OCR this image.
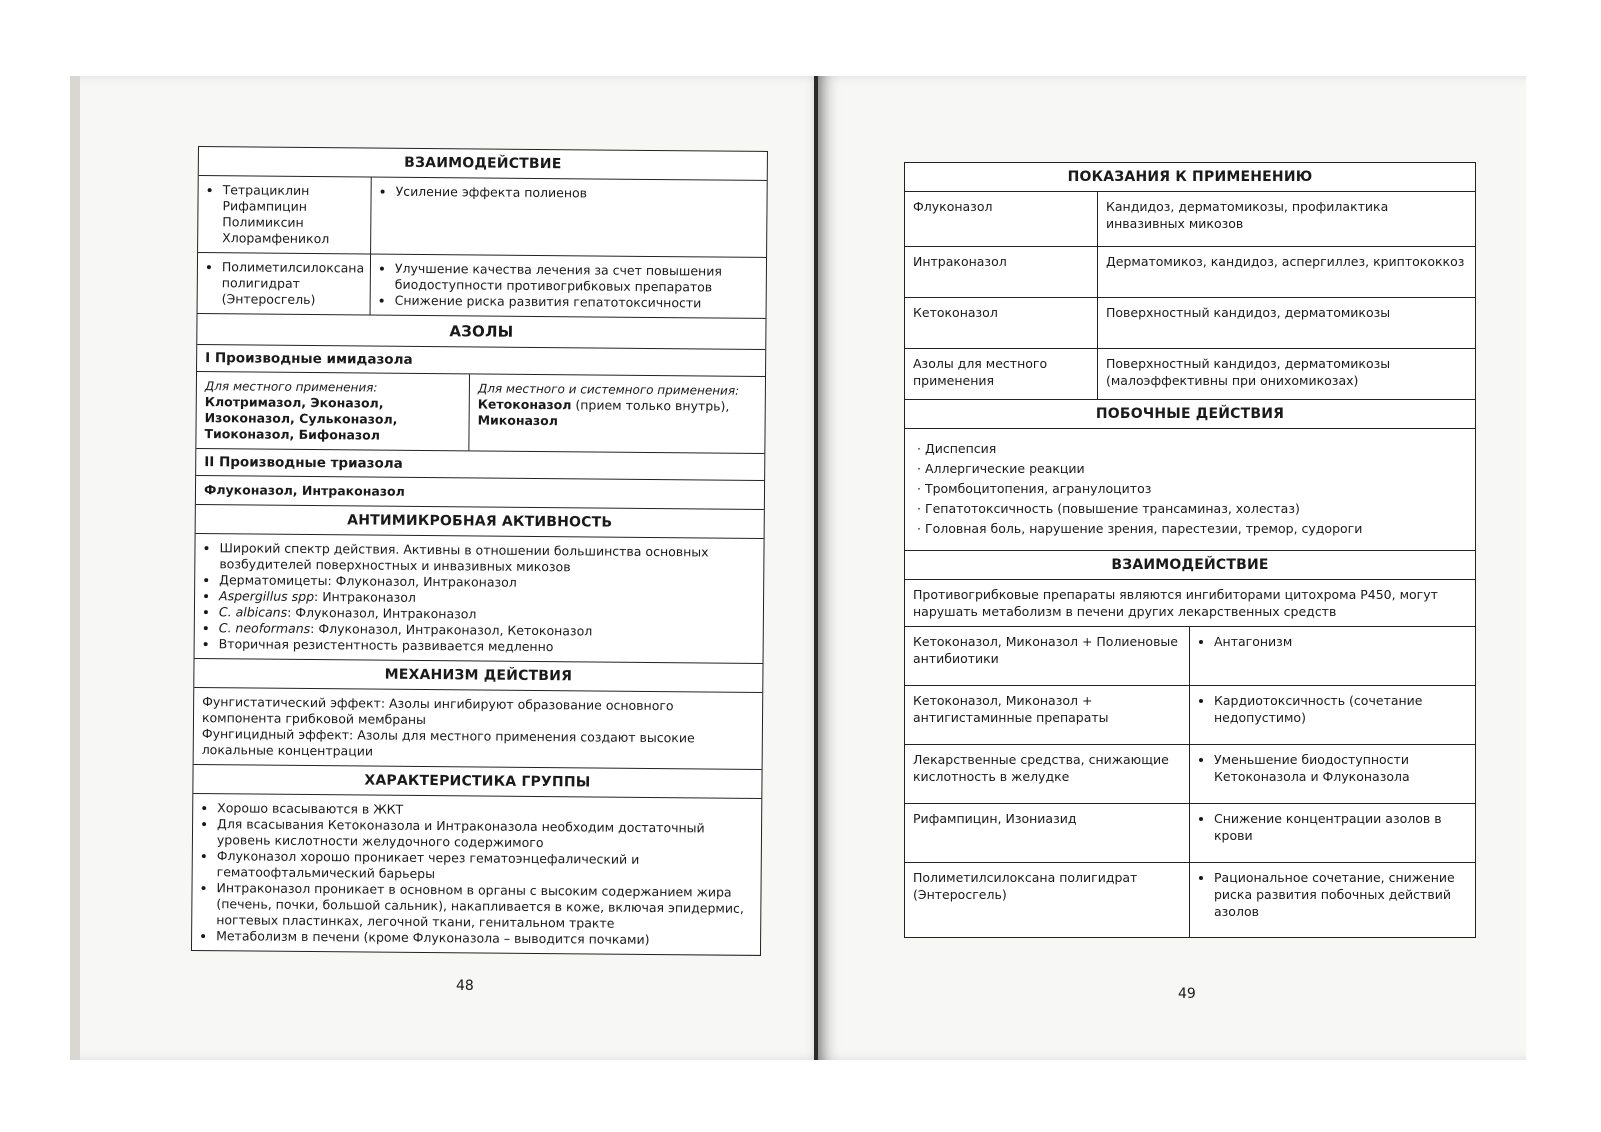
ВЗАИМОДЕЙСТВИЕ
• Тетрациклин
Рифампицин
Полимиксин
Хлорамфеникол
• Усиление эффекта полиенов
• Полиметилсилоксана полигидрат (Энтеросгель)
• Улучшение качества лечения за счет повышения биодоступности противогрибковых препаратов
• Снижение риска развития гепатотоксичности
АЗОЛЫ
I Производные имидазола
Для местного применения:
Клотримазол, Эконазол, Изоконазол, Сульконазол, Тиоконазол, Бифоназол
Для местного и системного применения:
Кетоконазол (прием только внутрь),
Миконазол
II Производные триазола
Флуконазол, Интраконазол
АНТИМИКРОБНАЯ АКТИВНОСТЬ
• Широкий спектр действия. Активны в отношении большинства основных возбудителей поверхностных и инвазивных микозов
• Дерматомицеты: Флуконазол, Интраконазол
• Aspergillus spp: Интраконазол
• C. albicans: Флуконазол, Интраконазол
• C. neoformans: Флуконазол, Интраконазол, Кетоконазол
• Вторичная резистентность развивается медленно
МЕХАНИЗМ ДЕЙСТВИЯ
Фунгистатический эффект: Азолы ингибируют образование основного компонента грибковой мембраны
Фунгицидный эффект: Азолы для местного применения создают высокие локальные концентрации
ХАРАКТЕРИСТИКА ГРУППЫ
• Хорошо всасываются в ЖКТ
• Для всасывания Кетоконазола и Интраконазола необходим достаточный уровень кислотности желудочного содержимого
• Флуконазол хорошо проникает через гематоэнцефалический и гематоофтальмический барьеры
• Интраконазол проникает в основном в органы с высоким содержанием жира (печень, почки, большой сальник), накапливается в коже, включая эпидермис, ногтевых пластинках, легочной ткани, генитальном тракте
• Метаболизм в печени (кроме Флуконазола – выводится почками)
48
ПОКАЗАНИЯ К ПРИМЕНЕНИЮ
Флуконазол	Кандидоз, дерматомикозы, профилактика инвазивных микозов
Интраконазол	Дерматомикоз, кандидоз, аспергиллез, криптококкоз
Кетоконазол	Поверхностный кандидоз, дерматомикозы
Азолы для местного применения
Поверхностный кандидоз, дерматомикозы (малоэффективны при онихомикозах)
ПОБОЧНЫЕ ДЕЙСТВИЯ
· Диспепсия
· Аллергические реакции
· Тромбоцитопения, агранулоцитоз
· Гепатотоксичность (повышение трансаминаз, холестаз)
· Головная боль, нарушение зрения, парестезии, тремор, судороги
ВЗАИМОДЕЙСТВИЕ
Противогрибковые препараты являются ингибиторами цитохрома Р450, могут нарушать метаболизм в печени других лекарственных средств
Кетоконазол, Миконазол + Полиеновые антибиотики
• Антагонизм
Кетоконазол, Миконазол + антигистаминные препараты
• Кардиотоксичность (сочетание недопустимо)
Лекарственные средства, снижающие кислотность в желудке
• Уменьшение биодоступности Кетоконазола и Флуконазола
Рифампицин, Изониазид
•	Снижение концентрации азолов в крови
Полиметилсилоксана полигидрат (Энтеросгель)
• Рациональное сочетание, снижение риска развития побочных действий азолов
49
